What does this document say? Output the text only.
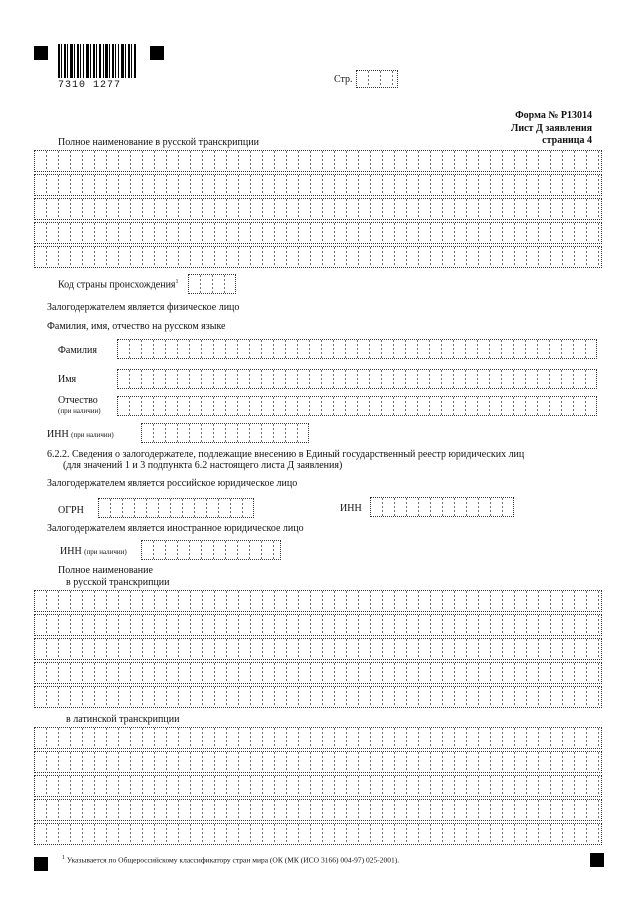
7310 1277
Стр.
Форма № Р13014
Лист Д заявления
страница 4
Полное наименование в русской транскрипции
Код страны происхождения$^1$
Залогодержателем является физическое лицо
Фамилия, имя, отчество на русском языке
Фамилия
Имя
Отчество
(при наличии)
ИНН (при наличии)
6.2.2. Сведения о залогодержателе, подлежащие внесению в Единый государственный реестр юридических лиц
(для значений 1 и 3 подпункта 6.2 настоящего листа Д заявления)
Залогодержателем является российское юридическое лицо
ОГРН	ИНН
Залогодержателем является иностранное юридическое лицо
ИНН (при наличии)
Полное наименование
в русской транскрипции
в латинской транскрипции
$^1$ Указывается по Общероссийскому классификатору стран мира (ОК (МК (ИСО 3166) 004-97) 025-2001).
